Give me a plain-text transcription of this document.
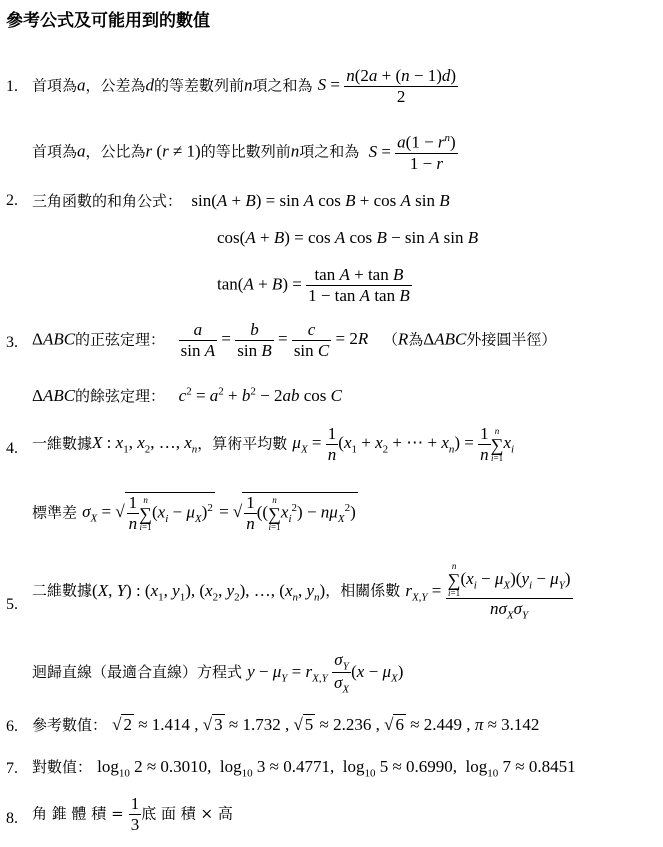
參考公式及可能用到的數值
1. 首項為a，公差為d的等差數列前n項之和為 $S = \frac{n(2a + (n - 1)d)}{2}$
首項為a，公比為r (r ≠ 1)的等比數列前n項之和為 $S = \frac{a(1 - r^n)}{1 - r}$
2. 三角函數的和角公式：  sin(A + B) = sin A cos B + cos A sin B
cos(A + B) = cos A cos B − sin A sin B
$\tan(A + B) = \frac{\text{tan A + tan B}}{\text{1 − tan A tan B}}$
3. ΔABC的正弦定理： $\frac{a}{\text{sin A}} = \frac{b}{\text{sin B}} = \frac{c}{\text{sin C}} = 2R$   （R為ΔABC外接圓半徑）
ΔABC的餘弦定理： $c^2 = a^2 + b^2 - 2ab$ cos C
4. 一維數據X : $x_1$, $x_2$, …, $x_n$，算術平均數 $\mu_X = \frac{1}{n} (x_1 + x_2$ + ⋯ + $x_n) = \frac{1}{n}$ n
∑
i=1
$x_i$
標準差 $\sigma_X$ = √ $\frac{1}{n}$ n
∑
i=1
$(x_i - \mu_X)^2$ = √ $\frac{1}{n}$ ((
n
∑
i=1
$x_i^2) - n\mu_X^2$)
5.
二維數據(X, Y) : ($x_1$, $y_1$), ($x_2$, $y_2$), …, ($x_n$, $y_n$)，相關係數 $r_{X,Y} = n$
∑
i=1
$(x_i - \mu_X)(y_i - \mu_Y)$
$n\sigma_X\sigma_Y$
迴歸直線（最適合直線）方程式 $y - \mu_Y = r_{X,Y} \frac{\sigma_Y}{\sigma_X} (x - \mu_X)$
6. 參考數值： √ 2 ≈ 1.414 , √ 3 ≈ 1.732 , √ 5 ≈ 2.236 , √ 6 ≈ 2.449 , π ≈ 3.142
7. 對數值： $\log_{10} 2 \approx 0.3010$,  $\log_{10} 3 \approx 0.4771$,  $\log_{10} 5 \approx 0.6990$,  $\log_{10} 7 \approx 0.8451$
8. 角 錐 體 積 = $\frac{1}{3}$ 底 面 積 × 高
